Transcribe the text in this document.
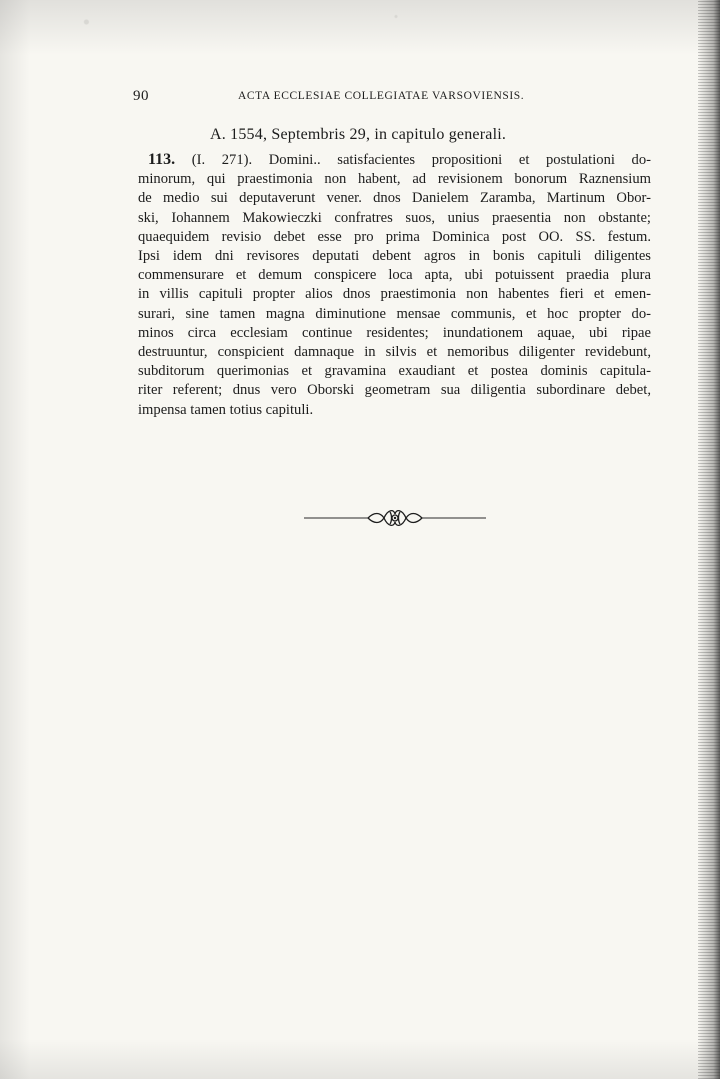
90	ACTA ECCLESIAE COLLEGIATAE VARSOVIENSIS.
A. 1554, Septembris 29, in capitulo generali.
113. (I. 271). Domini.. satisfacientes propositioni et postulationi do-
minorum, qui praestimonia non habent, ad revisionem bonorum Raznensium
de medio sui deputaverunt vener. dnos Danielem Zaramba, Martinum Obor-
ski, Iohannem Makowieczki confratres suos, unius praesentia non obstante;
quaequidem revisio debet esse pro prima Dominica post OO. SS. festum.
Ipsi idem dni revisores deputati debent agros in bonis capituli diligentes
commensurare et demum conspicere loca apta, ubi potuissent praedia plura
in villis capituli propter alios dnos praestimonia non habentes fieri et emen-
surari, sine tamen magna diminutione mensae communis, et hoc propter do-
minos circa ecclesiam continue residentes; inundationem aquae, ubi ripae
destruuntur, conspicient damnaque in silvis et nemoribus diligenter revidebunt,
subditorum querimonias et gravamina exaudiant et postea dominis capitula-
riter referent; dnus vero Oborski geometram sua diligentia subordinare debet,
impensa tamen totius capituli.
